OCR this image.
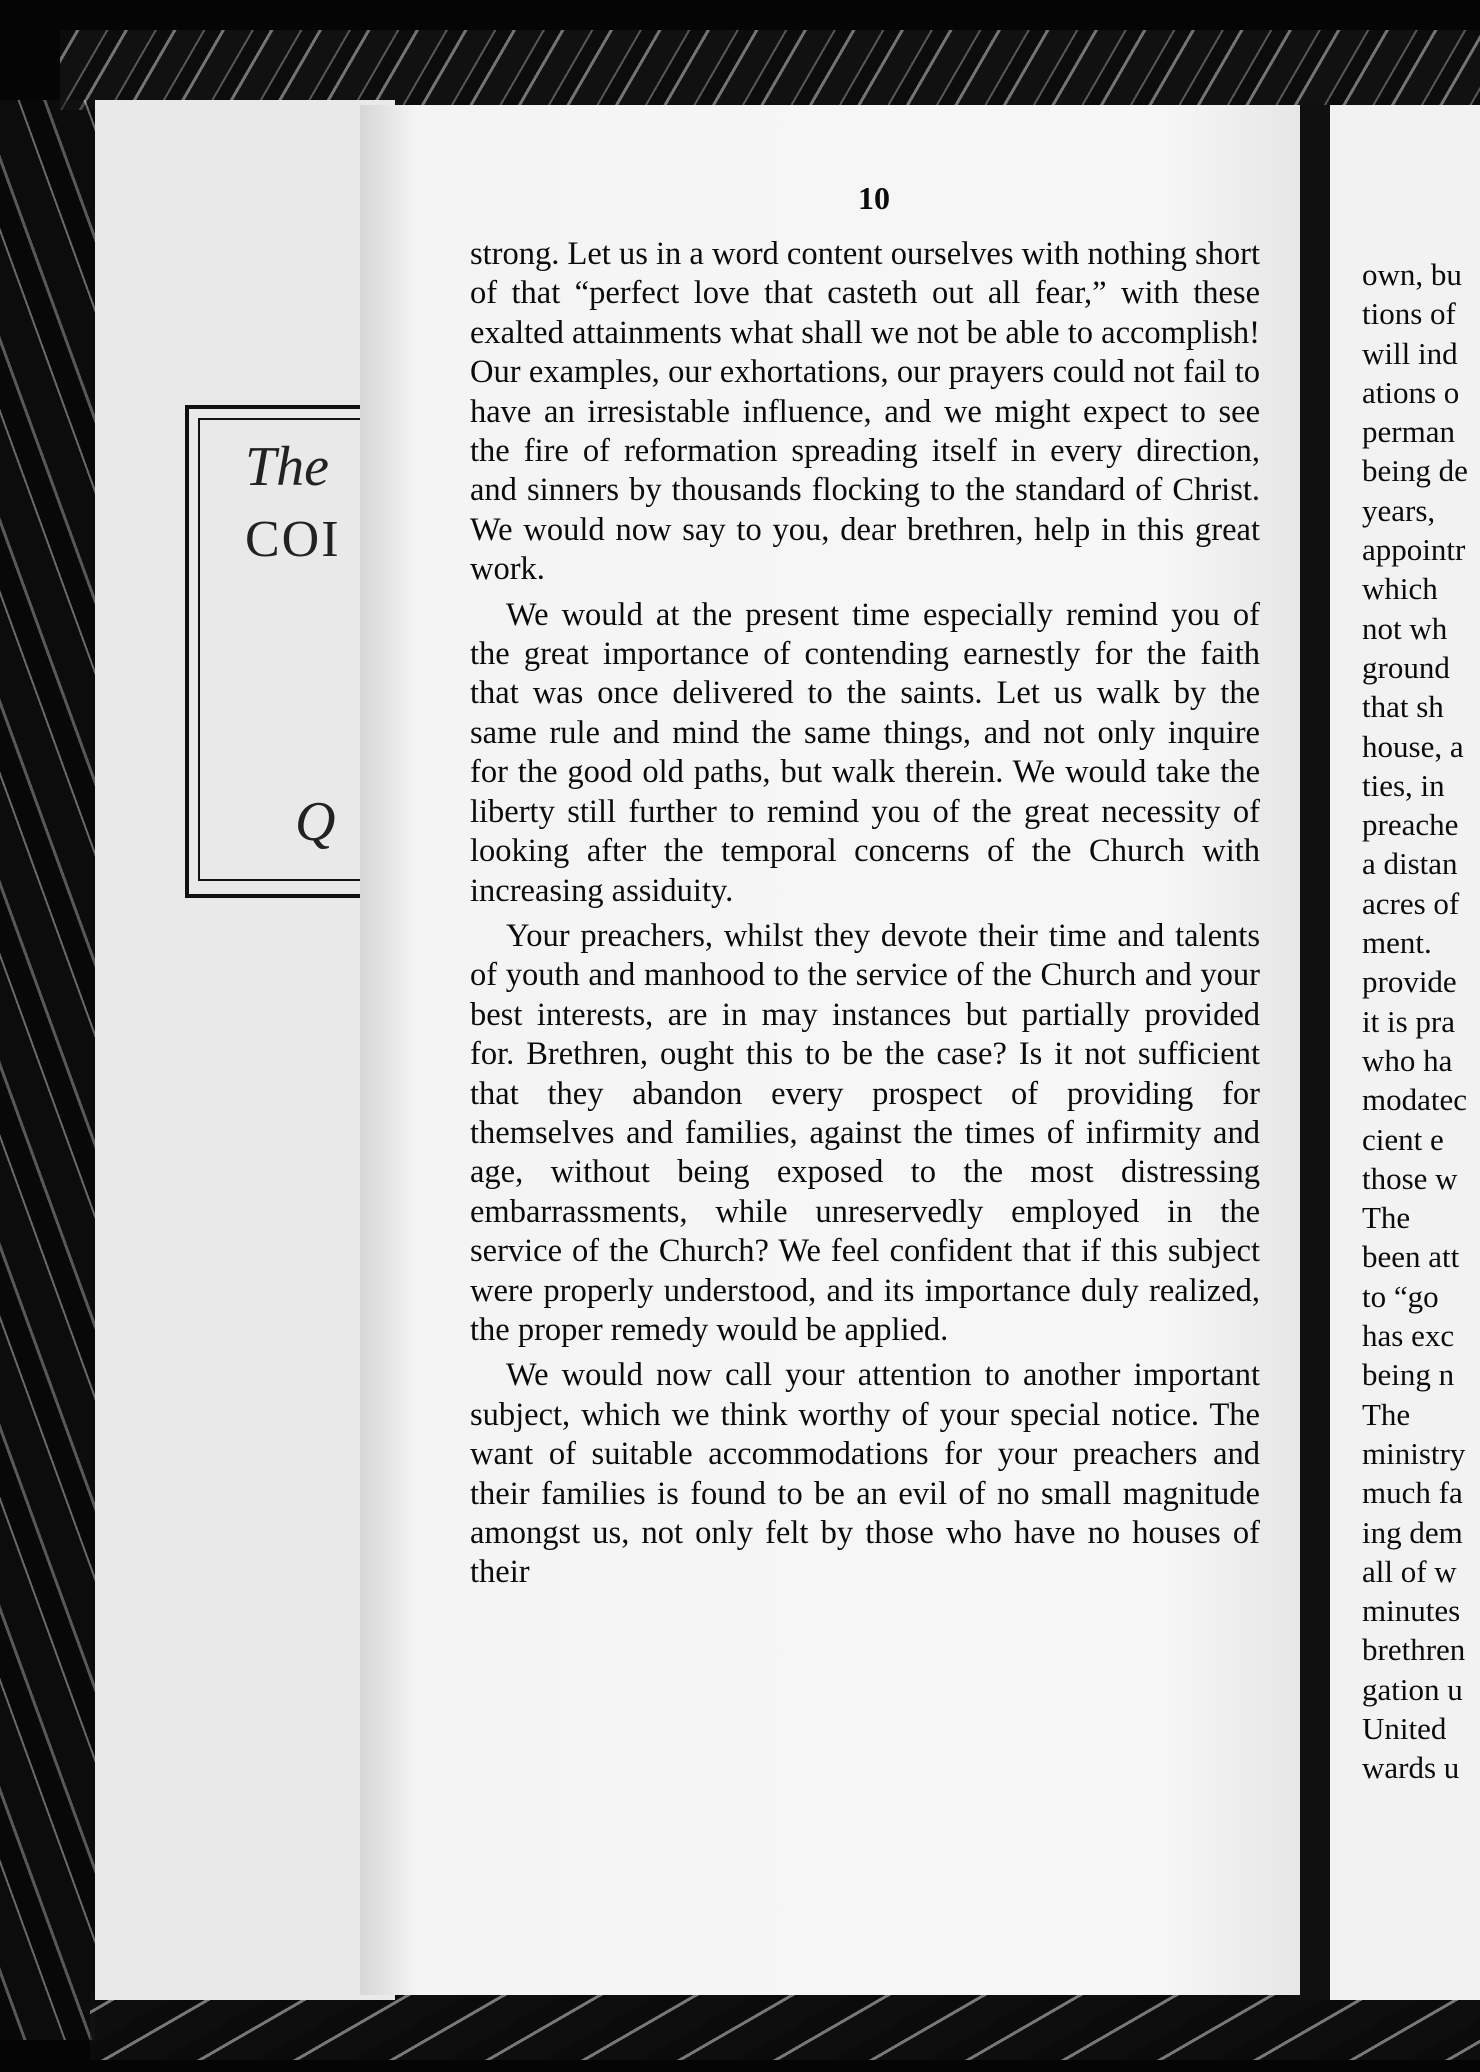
The
COI
Q
10

strong. Let us in a word content ourselves with nothing short of that “perfect love that casteth out all fear,” with these exalted attainments what shall we not be able to accomplish! Our examples, our exhortations, our prayers could not fail to have an irresistable influence, and we might expect to see the fire of reformation spreading itself in every direction, and sinners by thousands flocking to the standard of Christ. We would now say to you, dear brethren, help in this great work.

We would at the present time especially remind you of the great importance of contending earnestly for the faith that was once delivered to the saints. Let us walk by the same rule and mind the same things, and not only inquire for the good old paths, but walk therein. We would take the liberty still further to remind you of the great necessity of looking after the temporal concerns of the Church with increasing assiduity.

Your preachers, whilst they devote their time and talents of youth and manhood to the service of the Church and your best interests, are in may instances but partially provided for. Brethren, ought this to be the case? Is it not sufficient that they abandon every prospect of providing for themselves and families, against the times of infirmity and age, without being exposed to the most distressing embarrassments, while unreservedly employed in the service of the Church? We feel confident that if this subject were properly understood, and its importance duly realized, the proper remedy would be applied.

We would now call your attention to another important subject, which we think worthy of your special notice. The want of suitable accommodations for your preachers and their families is found to be an evil of no small magnitude amongst us, not only felt by those who have no houses of their

own, bu
tions of
will ind
ations o
perman
being de
years,
appointr
which
not wh
ground
that sh
house, a
ties, in
preache
a distan
acres of
ment.
provide
it is pra
who ha
modatec
cient e
those w
The
been att
to “go
has exc
being n
The
ministry
much fa
ing dem
all of w
minutes
brethren
gation u
United
wards u
